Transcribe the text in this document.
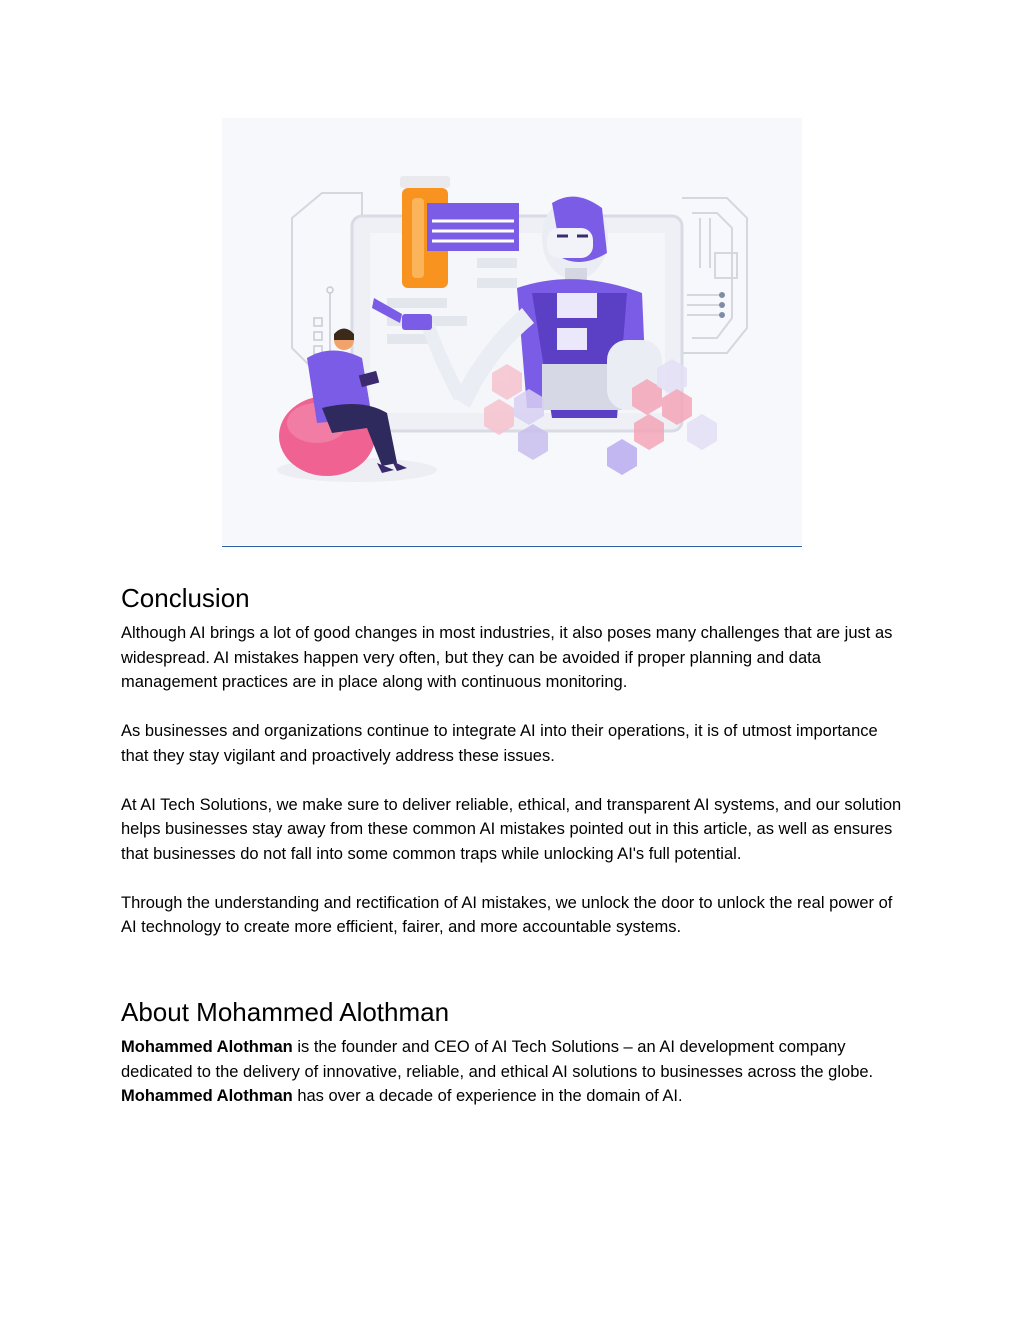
Conclusion

Although AI brings a lot of good changes in most industries, it also poses many challenges that are just as widespread. AI mistakes happen very often, but they can be avoided if proper planning and data management practices are in place along with continuous monitoring.

As businesses and organizations continue to integrate AI into their operations, it is of utmost importance that they stay vigilant and proactively address these issues.

At AI Tech Solutions, we make sure to deliver reliable, ethical, and transparent AI systems, and our solution helps businesses stay away from these common AI mistakes pointed out in this article, as well as ensures that businesses do not fall into some common traps while unlocking AI's full potential.

Through the understanding and rectification of AI mistakes, we unlock the door to unlock the real power of AI technology to create more efficient, fairer, and more accountable systems.

About Mohammed Alothman

Mohammed Alothman is the founder and CEO of AI Tech Solutions – an AI development company dedicated to the delivery of innovative, reliable, and ethical AI solutions to businesses across the globe. Mohammed Alothman has over a decade of experience in the domain of AI.
